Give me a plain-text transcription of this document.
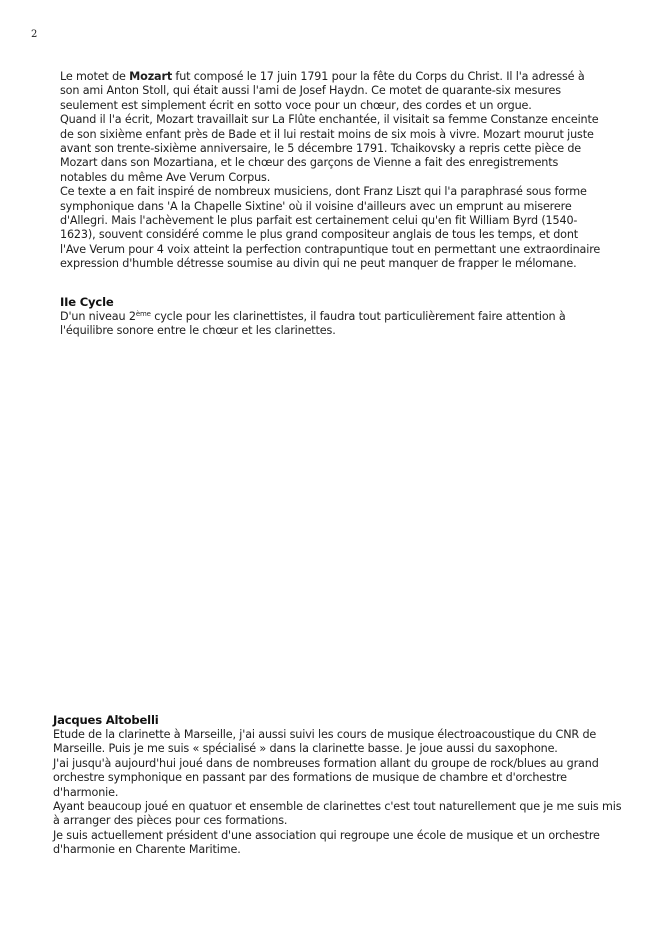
2

Le motet de Mozart fut composé le 17 juin 1791 pour la fête du Corps du Christ. Il l'a adressé à son ami Anton Stoll, qui était aussi l'ami de Josef Haydn. Ce motet de quarante-six mesures seulement est simplement écrit en sotto voce pour un chœur, des cordes et un orgue.

Quand il l'a écrit, Mozart travaillait sur La Flûte enchantée, il visitait sa femme Constanze enceinte de son sixième enfant près de Bade et il lui restait moins de six mois à vivre. Mozart mourut juste avant son trente-sixième anniversaire, le 5 décembre 1791. Tchaikovsky a repris cette pièce de Mozart dans son Mozartiana, et le chœur des garçons de Vienne a fait des enregistrements notables du même Ave Verum Corpus.

Ce texte a en fait inspiré de nombreux musiciens, dont Franz Liszt qui l'a paraphrasé sous forme symphonique dans 'A la Chapelle Sixtine' où il voisine d'ailleurs avec un emprunt au miserere d'Allegri. Mais l'achèvement le plus parfait est certainement celui qu'en fit William Byrd (1540-1623), souvent considéré comme le plus grand compositeur anglais de tous les temps, et dont l'Ave Verum pour 4 voix atteint la perfection contrapuntique tout en permettant une extraordinaire expression d'humble détresse soumise au divin qui ne peut manquer de frapper le mélomane.

IIe Cycle

D'un niveau 2ème cycle pour les clarinettistes, il faudra tout particulièrement faire attention à l'équilibre sonore entre le chœur et les clarinettes.

Jacques Altobelli

Etude de la clarinette à Marseille, j'ai aussi suivi les cours de musique électroacoustique du CNR de Marseille. Puis je me suis « spécialisé » dans la clarinette basse. Je joue aussi du saxophone.

J'ai jusqu'à aujourd'hui joué dans de nombreuses formation allant du groupe de rock/blues au grand orchestre symphonique en passant par des formations de musique de chambre et d'orchestre d'harmonie.

Ayant beaucoup joué en quatuor et ensemble de clarinettes c'est tout naturellement que je me suis mis à arranger des pièces pour ces formations.

Je suis actuellement président d'une association qui regroupe une école de musique et un orchestre d'harmonie en Charente Maritime.
